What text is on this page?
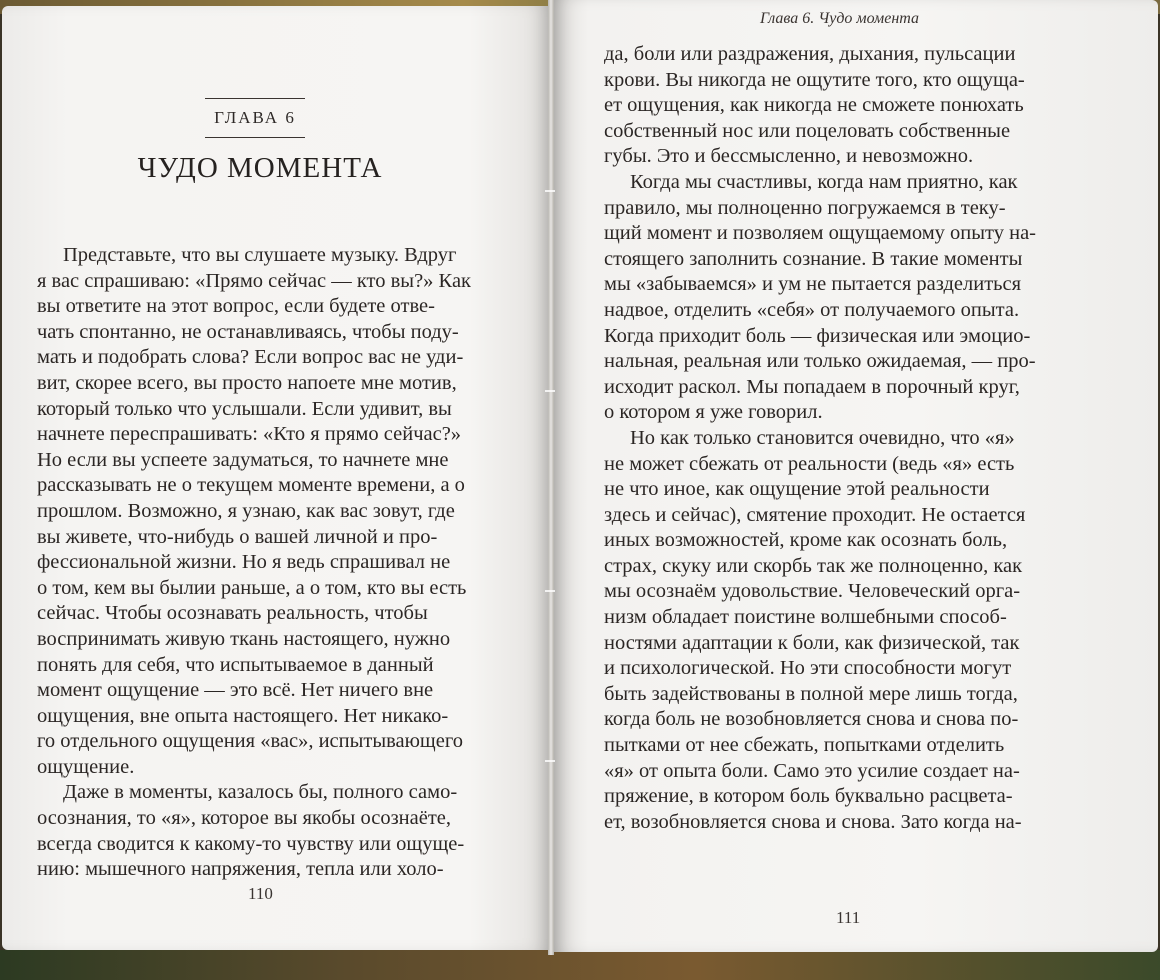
ГЛАВА 6
ЧУДО МОМЕНТА
Представьте, что вы слушаете музыку. Вдруг
я вас спрашиваю: «Прямо сейчас — кто вы?» Как
вы ответите на этот вопрос, если будете отве-
чать спонтанно, не останавливаясь, чтобы поду-
мать и подобрать слова? Если вопрос вас не уди-
вит, скорее всего, вы просто напоете мне мотив,
который только что услышали. Если удивит, вы
начнете переспрашивать: «Кто я прямо сейчас?»
Но если вы успеете задуматься, то начнете мне
рассказывать не о текущем моменте времени, а о
прошлом. Возможно, я узнаю, как вас зовут, где
вы живете, что-нибудь о вашей личной и про-
фессиональной жизни. Но я ведь спрашивал не
о том, кем вы былии раньше, а о том, кто вы есть
сейчас. Чтобы осознавать реальность, чтобы
воспринимать живую ткань настоящего, нужно
понять для себя, что испытываемое в данный
момент ощущение — это всё. Нет ничего вне
ощущения, вне опыта настоящего. Нет никако-
го отдельного ощущения «вас», испытывающего
ощущение.
Даже в моменты, казалось бы, полного само-
осознания, то «я», которое вы якобы осознаёте,
всегда сводится к какому-то чувству или ощуще-
нию: мышечного напряжения, тепла или холо-
Глава 6. Чудо момента
да, боли или раздражения, дыхания, пульсации
крови. Вы никогда не ощутите того, кто ощуща-
ет ощущения, как никогда не сможете понюхать
собственный нос или поцеловать собственные
губы. Это и бессмысленно, и невозможно.
Когда мы счастливы, когда нам приятно, как
правило, мы полноценно погружаемся в теку-
щий момент и позволяем ощущаемому опыту на-
стоящего заполнить сознание. В такие моменты
мы «забываемся» и ум не пытается разделиться
надвое, отделить «себя» от получаемого опыта.
Когда приходит боль — физическая или эмоцио-
нальная, реальная или только ожидаемая, — про-
исходит раскол. Мы попадаем в порочный круг,
о котором я уже говорил.
Но как только становится очевидно, что «я»
не может сбежать от реальности (ведь «я» есть
не что иное, как ощущение этой реальности
здесь и сейчас), смятение проходит. Не остается
иных возможностей, кроме как осознать боль,
страх, скуку или скорбь так же полноценно, как
мы осознаём удовольствие. Человеческий орга-
низм обладает поистине волшебными способ-
ностями адаптации к боли, как физической, так
и психологической. Но эти способности могут
быть задействованы в полной мере лишь тогда,
когда боль не возобновляется снова и снова по-
пытками от нее сбежать, попытками отделить
«я» от опыта боли. Само это усилие создает на-
пряжение, в котором боль буквально расцвета-
ет, возобновляется снова и снова. Зато когда на-
110
111
